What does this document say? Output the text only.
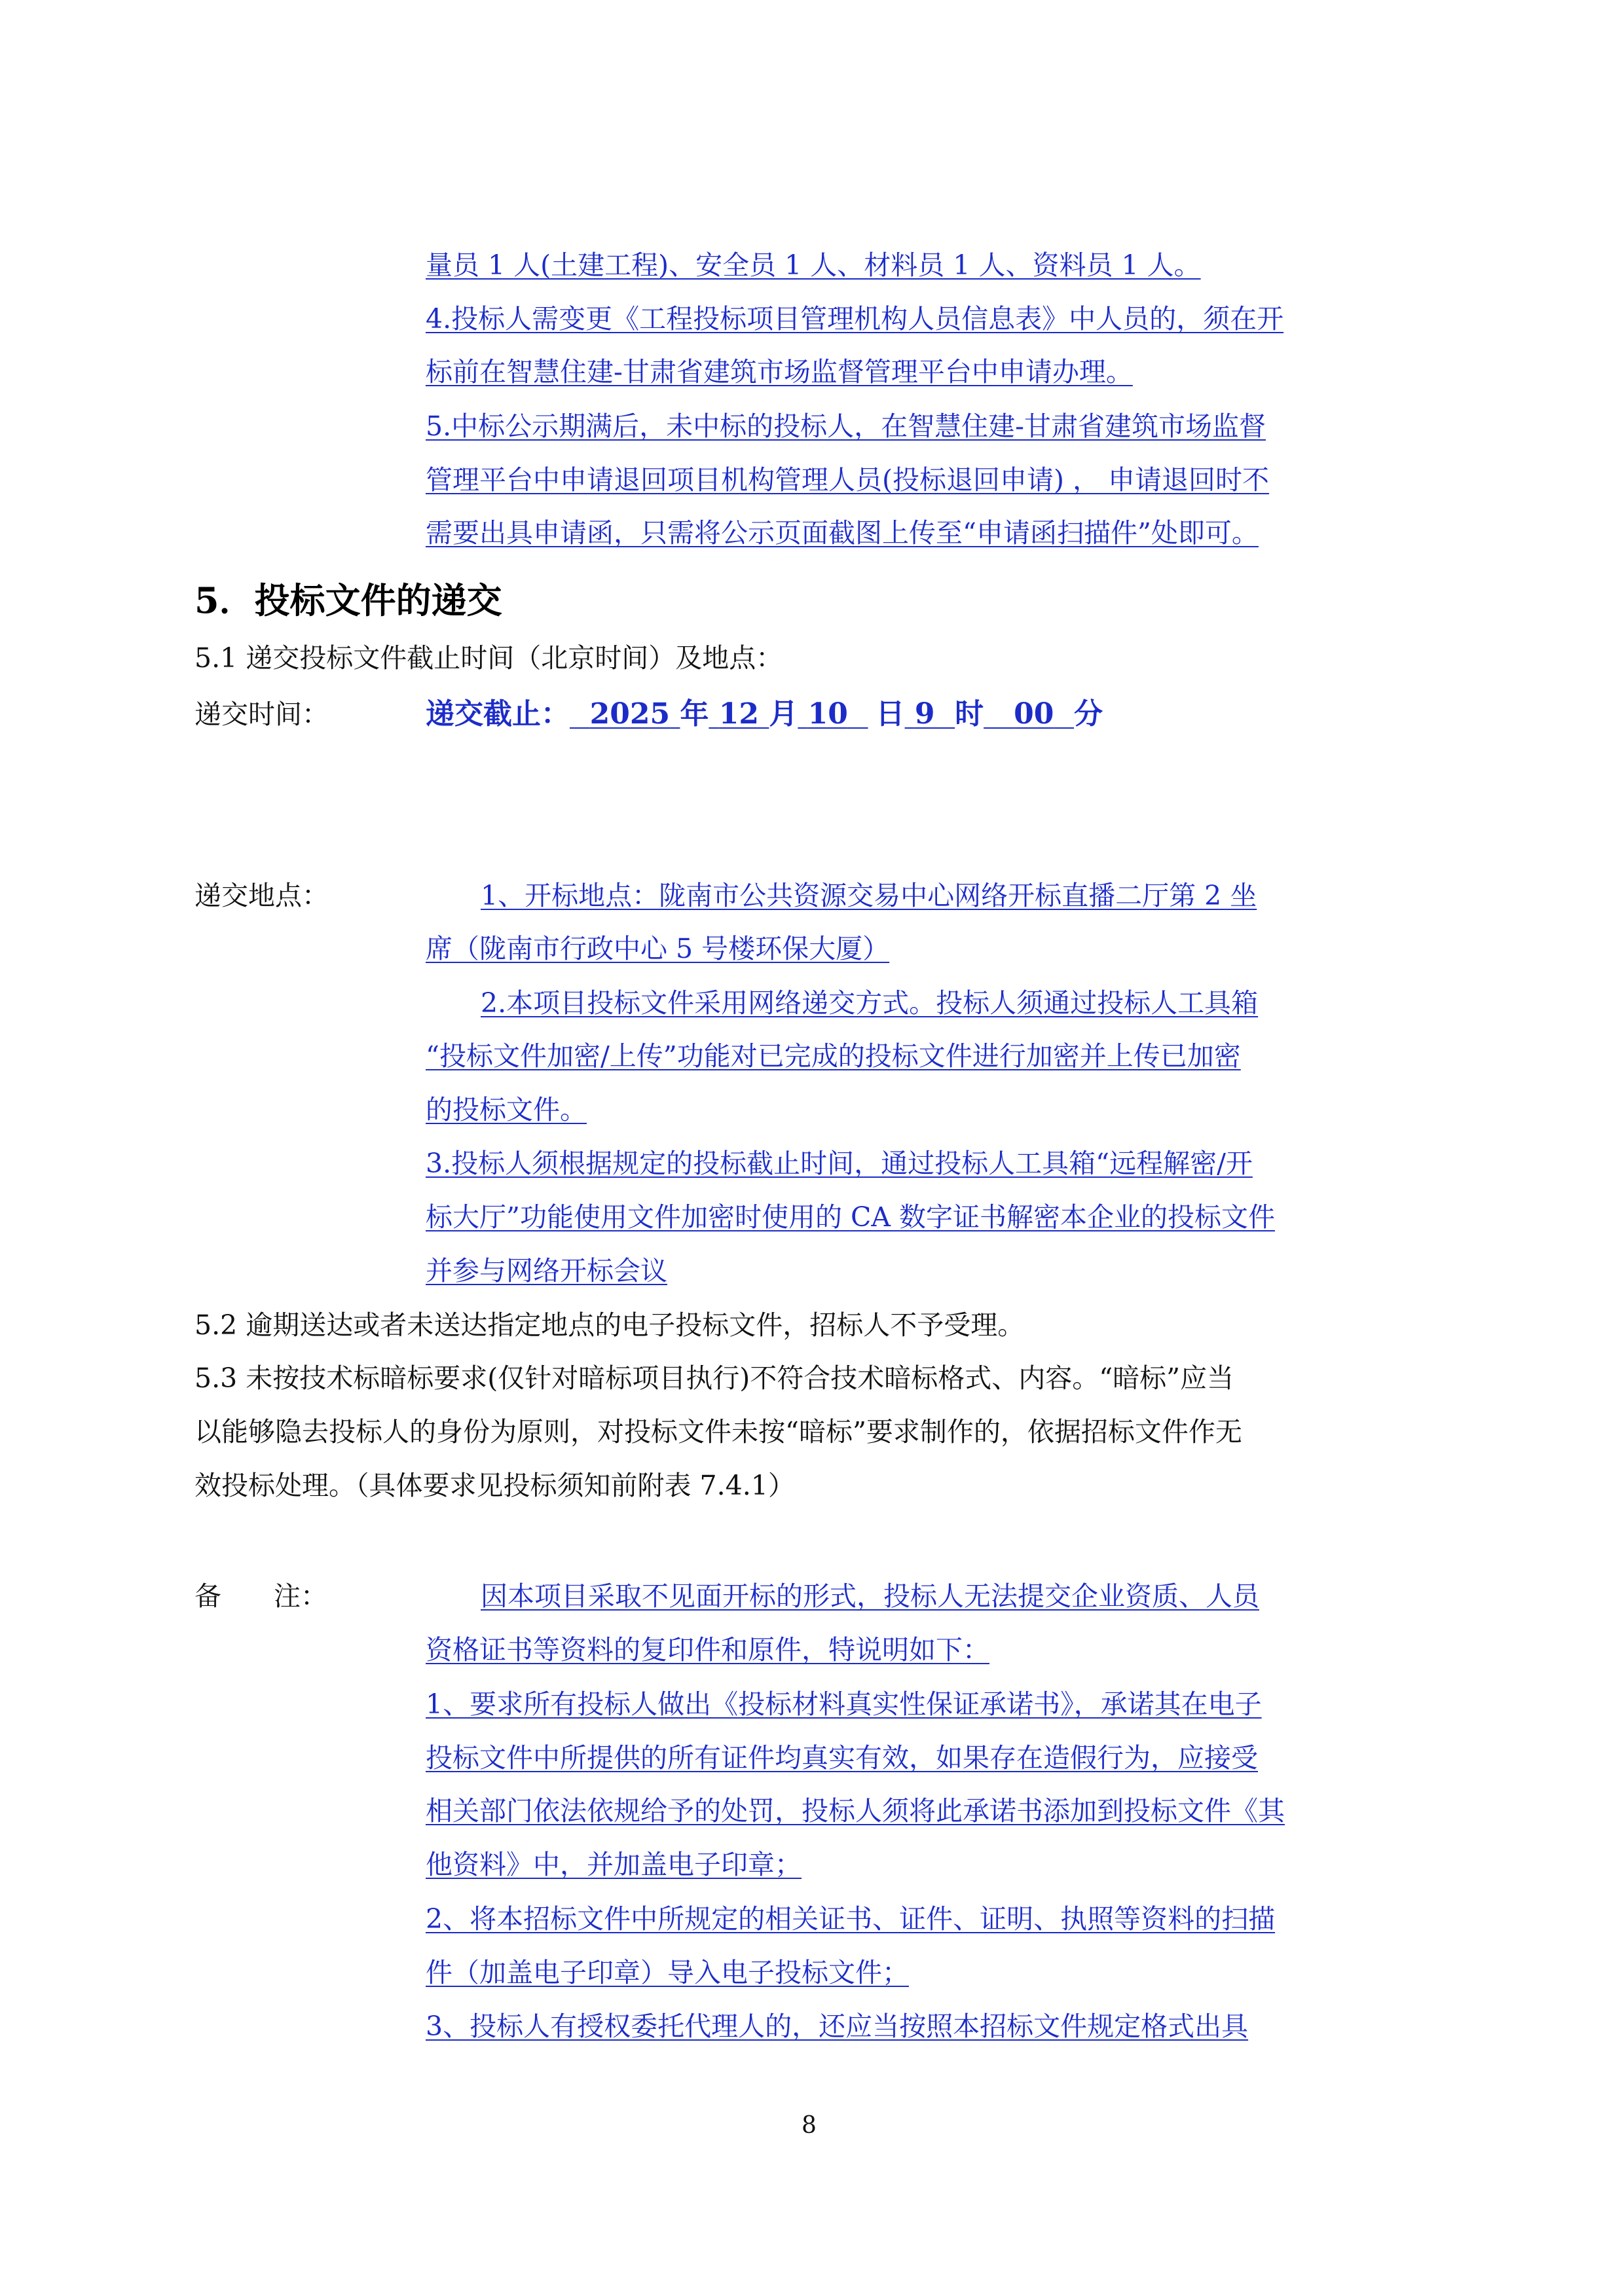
量员 1 人(土建工程)、安全员 1 人、材料员 1 人、资料员 1 人。
4.投标人需变更《工程投标项目管理机构人员信息表》中人员的，须在开
标前在智慧住建-甘肃省建筑市场监督管理平台中申请办理。
5.中标公示期满后，未中标的投标人，在智慧住建-甘肃省建筑市场监督
管理平台中申请退回项目机构管理人员(投标退回申请) ， 申请退回时不
需要出具申请函，只需将公示页面截图上传至“申请函扫描件”处即可。
5．投标文件的递交
5.1 递交投标文件截止时间（北京时间）及地点：
递交时间：	递交截止： 2025 年 12 月 10 日 9 时 00 分
递交地点：	1、开标地点：陇南市公共资源交易中心网络开标直播二厅第 2 坐
席（陇南市行政中心 5 号楼环保大厦）
2.本项目投标文件采用网络递交方式。投标人须通过投标人工具箱
“投标文件加密/上传”功能对已完成的投标文件进行加密并上传已加密
的投标文件。
3.投标人须根据规定的投标截止时间，通过投标人工具箱“远程解密/开
标大厅”功能使用文件加密时使用的 CA 数字证书解密本企业的投标文件
并参与网络开标会议
5.2 逾期送达或者未送达指定地点的电子投标文件，招标人不予受理。
5.3 未按技术标暗标要求(仅针对暗标项目执行)不符合技术暗标格式、内容。“暗标”应当
以能够隐去投标人的身份为原则，对投标文件未按“暗标”要求制作的，依据招标文件作无
效投标处理。（具体要求见投标须知前附表 7.4.1）
备 注：	因本项目采取不见面开标的形式，投标人无法提交企业资质、人员
资格证书等资料的复印件和原件，特说明如下：
1、要求所有投标人做出《投标材料真实性保证承诺书》，承诺其在电子
投标文件中所提供的所有证件均真实有效，如果存在造假行为，应接受
相关部门依法依规给予的处罚，投标人须将此承诺书添加到投标文件《其
他资料》中，并加盖电子印章；
2、将本招标文件中所规定的相关证书、证件、证明、执照等资料的扫描
件（加盖电子印章）导入电子投标文件；
3、投标人有授权委托代理人的，还应当按照本招标文件规定格式出具
8
